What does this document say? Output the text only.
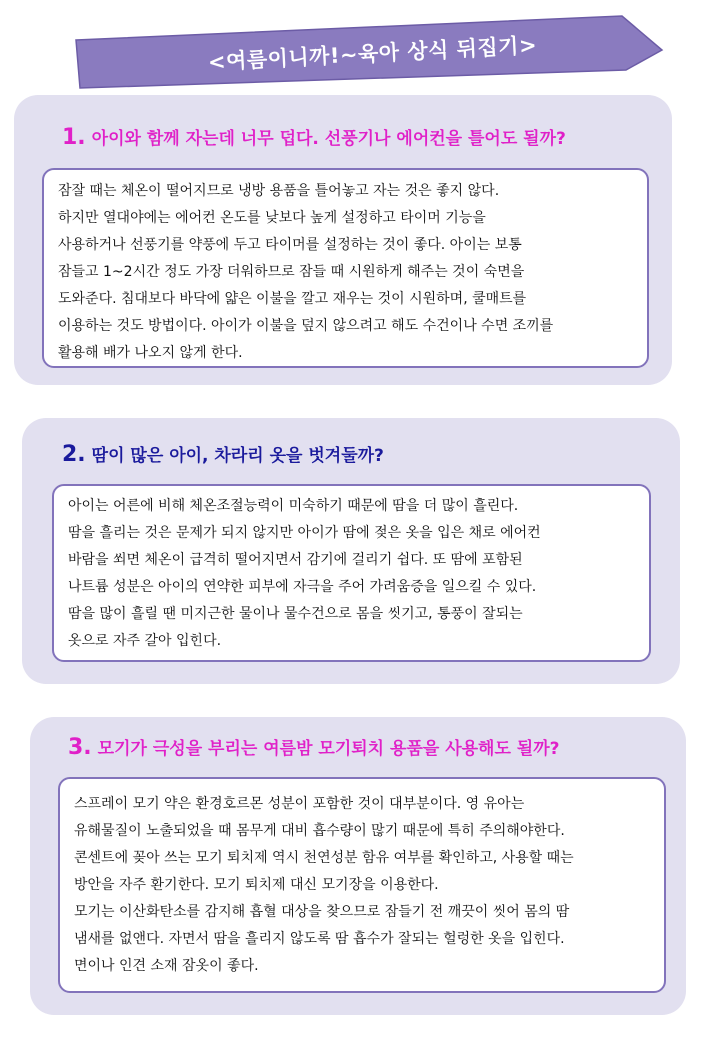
<여름이니까!~육아 상식 뒤집기>
1. 아이와 함께 자는데 너무 덥다. 선풍기나 에어컨을 틀어도 될까?
잠잘 때는 체온이 떨어지므로 냉방 용품을 틀어놓고 자는 것은 좋지 않다.
하지만 열대야에는 에어컨 온도를 낮보다 높게 설정하고 타이머 기능을
사용하거나 선풍기를 약풍에 두고 타이머를 설정하는 것이 좋다. 아이는 보통
잠들고 1~2시간 정도 가장 더워하므로 잠들 때 시원하게 해주는 것이 숙면을
도와준다. 침대보다 바닥에 얇은 이불을 깔고 재우는 것이 시원하며, 쿨매트를
이용하는 것도 방법이다. 아이가 이불을 덮지 않으려고 해도 수건이나 수면 조끼를
활용해 배가 나오지 않게 한다.
2. 땀이 많은 아이, 차라리 옷을 벗겨둘까?
아이는 어른에 비해 체온조절능력이 미숙하기 때문에 땀을 더 많이 흘린다.
땀을 흘리는 것은 문제가 되지 않지만 아이가 땀에 젖은 옷을 입은 채로 에어컨
바람을 쐬면 체온이 급격히 떨어지면서 감기에 걸리기 쉽다. 또 땀에 포함된
나트륨 성분은 아이의 연약한 피부에 자극을 주어 가려움증을 일으킬 수 있다.
땀을 많이 흘릴 땐 미지근한 물이나 물수건으로 몸을 씻기고, 통풍이 잘되는
옷으로 자주 갈아 입힌다.
3. 모기가 극성을 부리는 여름밤 모기퇴치 용품을 사용해도 될까?
스프레이 모기 약은 환경호르몬 성분이 포함한 것이 대부분이다. 영 유아는
유해물질이 노출되었을 때 몸무게 대비 흡수량이 많기 때문에 특히 주의해야한다.
콘센트에 꽂아 쓰는 모기 퇴치제 역시 천연성분 함유 여부를 확인하고, 사용할 때는
방안을 자주 환기한다. 모기 퇴치제 대신 모기장을 이용한다.
모기는 이산화탄소를 감지해 흡혈 대상을 찾으므로 잠들기 전 깨끗이 씻어 몸의 땀
냄새를 없앤다. 자면서 땀을 흘리지 않도록 땀 흡수가 잘되는 헐렁한 옷을 입힌다.
면이나 인견 소재 잠옷이 좋다.
